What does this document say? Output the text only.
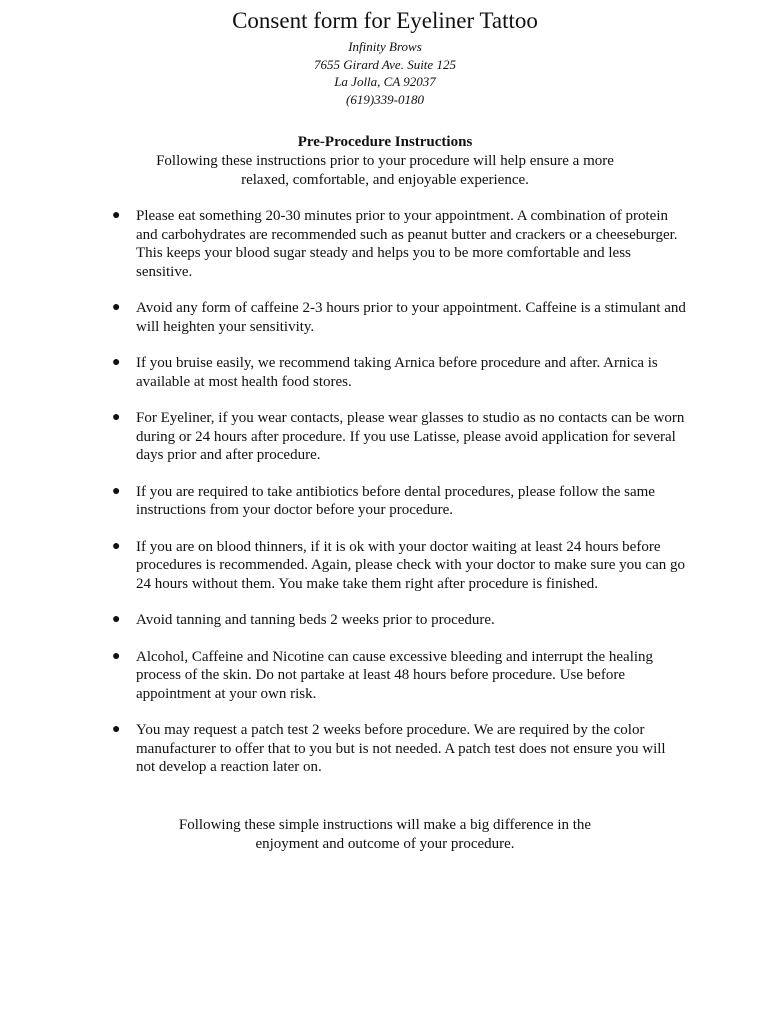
Consent form for Eyeliner Tattoo
Infinity Brows
7655 Girard Ave. Suite 125
La Jolla, CA 92037
(619)339-0180
Pre-Procedure Instructions
Following these instructions prior to your procedure will help ensure a more relaxed, comfortable, and enjoyable experience.
● Please eat something 20-30 minutes prior to your appointment. A combination of protein and carbohydrates are recommended such as peanut butter and crackers or a cheeseburger. This keeps your blood sugar steady and helps you to be more comfortable and less sensitive.
● Avoid any form of caffeine 2-3 hours prior to your appointment. Caffeine is a stimulant and will heighten your sensitivity.
● If you bruise easily, we recommend taking Arnica before procedure and after. Arnica is available at most health food stores.
● For Eyeliner, if you wear contacts, please wear glasses to studio as no contacts can be worn during or 24 hours after procedure. If you use Latisse, please avoid application for several days prior and after procedure.
● If you are required to take antibiotics before dental procedures, please follow the same instructions from your doctor before your procedure.
● If you are on blood thinners, if it is ok with your doctor waiting at least 24 hours before procedures is recommended. Again, please check with your doctor to make sure you can go 24 hours without them. You make take them right after procedure is finished.
● Avoid tanning and tanning beds 2 weeks prior to procedure.
● Alcohol, Caffeine and Nicotine can cause excessive bleeding and interrupt the healing process of the skin. Do not partake at least 48 hours before procedure. Use before appointment at your own risk.
● You may request a patch test 2 weeks before procedure. We are required by the color manufacturer to offer that to you but is not needed. A patch test does not ensure you will not develop a reaction later on.
Following these simple instructions will make a big difference in the enjoyment and outcome of your procedure.
